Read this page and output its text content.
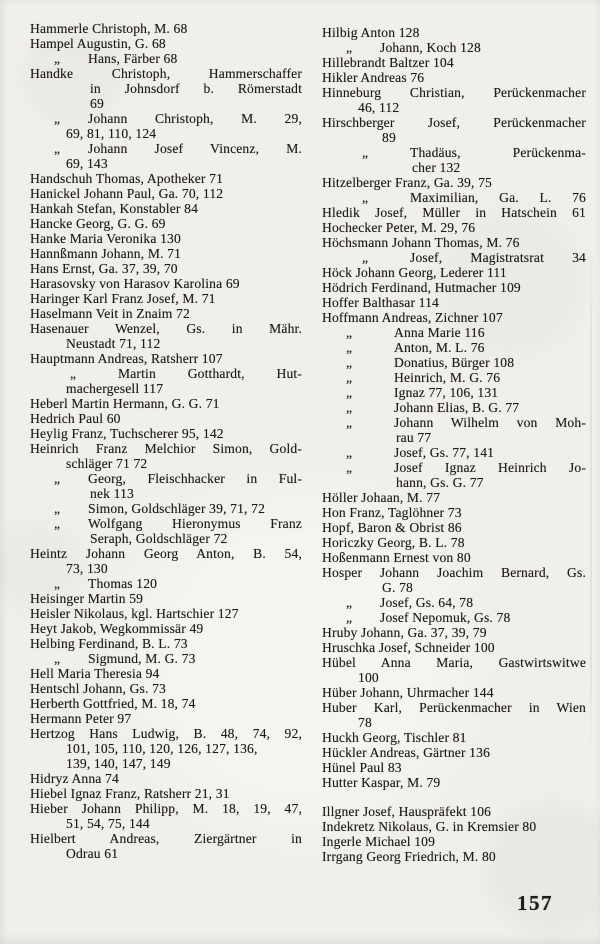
Hammerle Christoph, M. 68
Hampel Augustin, G. 68
„ Hans, Färber 68
Handke Christoph, Hammerschaffer
in Johnsdorf b. Römerstadt
69
„ Johann Christoph, M. 29,
69, 81, 110, 124
„ Johann Josef Vincenz, M.
69, 143
Handschuh Thomas, Apotheker 71
Hanickel Johann Paul, Ga. 70, 112
Hankah Stefan, Konstabler 84
Hancke Georg, G. G. 69
Hanke Maria Veronika 130
Hannßmann Johann, M. 71
Hans Ernst, Ga. 37, 39, 70
Harasovsky von Harasov Karolina 69
Haringer Karl Franz Josef, M. 71
Haselmann Veit in Znaim 72
Hasenauer Wenzel, Gs. in Mähr.
Neustadt 71, 112
Hauptmann Andreas, Ratsherr 107
„	Martin Gotthardt, Hut-
machergesell 117
Heberl Martin Hermann, G. G. 71
Hedrich Paul 60
Heylig Franz, Tuchscherer 95, 142
Heinrich Franz Melchior Simon, Gold-
schläger 71 72
„ Georg, Fleischhacker in Ful-
nek 113
„ Simon, Goldschläger 39, 71, 72
„ Wolfgang Hieronymus Franz
Seraph, Goldschläger 72
Heintz Johann Georg Anton, B. 54,
73, 130
„ Thomas 120
Heisinger Martin 59
Heisler Nikolaus, kgl. Hartschier 127
Heyt Jakob, Wegkommissär 49
Helbing Ferdinand, B. L. 73
„ Sigmund, M. G. 73
Hell Maria Theresia 94
Hentschl Johann, Gs. 73
Herberth Gottfried, M. 18, 74
Hermann Peter 97
Hertzog Hans Ludwig, B. 48, 74, 92,
101, 105, 110, 120, 126, 127, 136,
139, 140, 147, 149
Hidryz Anna 74
Hiebel Ignaz Franz, Ratsherr 21, 31
Hieber Johann Philipp, M. 18, 19, 47,
51, 54, 75, 144
Hielbert Andreas, Ziergärtner in
Odrau 61
Hilbig Anton 128
„ Johann, Koch 128
Hillebrandt Baltzer 104
Hikler Andreas 76
Hinneburg Christian, Perückenmacher
46, 112
Hirschberger Josef, Perückenmacher
89
„	Thadäus, Perückenma-
cher 132
Hitzelberger Franz, Ga. 39, 75
„	Maximilian, Ga. L. 76
Hledik Josef, Müller in Hatschein 61
Hochecker Peter, M. 29, 76
Höchsmann Johann Thomas, M. 76
„	Josef, Magistratsrat 34
Höck Johann Georg, Lederer 111
Hödrich Ferdinand, Hutmacher 109
Hoffer Balthasar 114
Hoffmann Andreas, Zichner 107
„	Anna Marie 116
„	Anton, M. L. 76
„	Donatius, Bürger 108
„	Heinrich, M. G. 76
„	Ignaz 77, 106, 131
„	Johann Elias, B. G. 77
„	Johann Wilhelm von Moh-
rau 77
„	Josef, Gs. 77, 141
„	Josef Ignaz Heinrich Jo-
hann, Gs. G. 77
Höller Johaan, M. 77
Hon Franz, Taglöhner 73
Hopf, Baron & Obrist 86
Horiczky Georg, B. L. 78
Hoßenmann Ernest von 80
Hosper Johann Joachim Bernard, Gs.
G. 78
„ Josef, Gs. 64, 78
„ Josef Nepomuk, Gs. 78
Hruby Johann, Ga. 37, 39, 79
Hruschka Josef, Schneider 100
Hübel Anna Maria, Gastwirtswitwe
100
Hüber Johann, Uhrmacher 144
Huber Karl, Perückenmacher in Wien
78
Huckh Georg, Tischler 81
Hückler Andreas, Gärtner 136
Hünel Paul 83
Hutter Kaspar, M. 79
Illgner Josef, Hauspräfekt 106
Indekretz Nikolaus, G. in Kremsier 80
Ingerle Michael 109
Irrgang Georg Friedrich, M. 80
157
